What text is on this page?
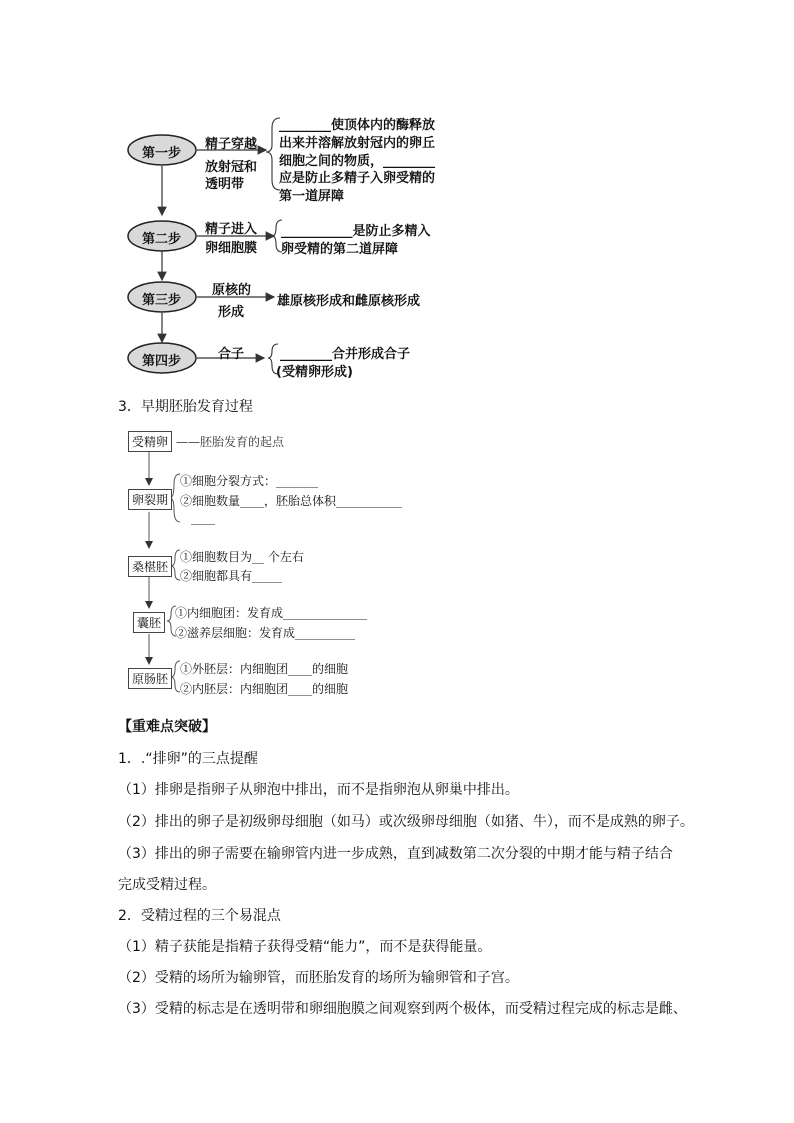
第一步
第二步
第三步
第四步
精子穿越
放射冠和
透明带
精子进入
卵细胞膜
原核的
形成
合子
________使顶体内的酶释放
出来并溶解放射冠内的卵丘
细胞之间的物质，________
应是防止多精子入卵受精的
第一道屏障
___________是防止多精入
卵受精的第二道屏障
雄原核形成和雌原核形成
________合并形成合子
(受精卵形成)
3．早期胚胎发育过程
受精卵 ——胚胎发育的起点
卵裂期
①细胞分裂方式：_______
②细胞数量____，胚胎总体积___________
____
桑椹胚
①细胞数目为__ 个左右
②细胞都具有_____
囊胚
①内细胞团：发育成______________
②滋养层细胞：发育成__________
原肠胚
①外胚层：内细胞团____的细胞
②内胚层：内细胞团____的细胞
【重难点突破】
1．.“排卵”的三点提醒
（1）排卵是指卵子从卵泡中排出，而不是指卵泡从卵巢中排出。
（2）排出的卵子是初级卵母细胞（如马）或次级卵母细胞（如猪、牛），而不是成熟的卵子。
（3）排出的卵子需要在输卵管内进一步成熟，直到减数第二次分裂的中期才能与精子结合
完成受精过程。
2．受精过程的三个易混点
（1）精子获能是指精子获得受精“能力”，而不是获得能量。
（2）受精的场所为输卵管，而胚胎发育的场所为输卵管和子宫。
（3）受精的标志是在透明带和卵细胞膜之间观察到两个极体，而受精过程完成的标志是雌、
